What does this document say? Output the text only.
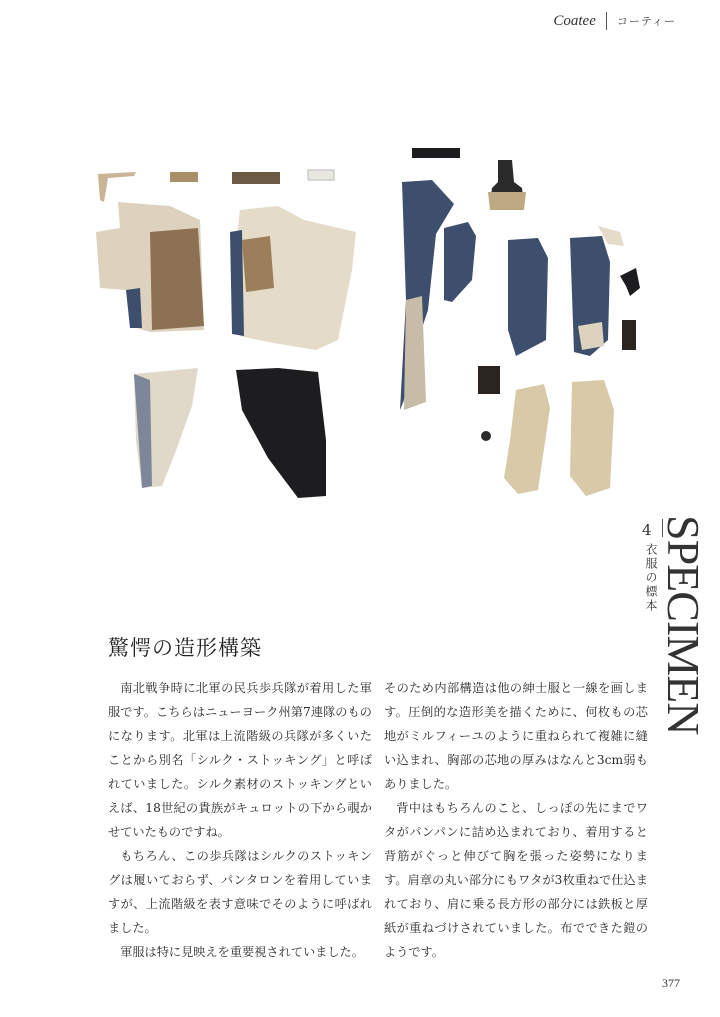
Coatee コーティー
4
衣服の標本 SPECIMEN
驚愕の造形構築

南北戦争時に北軍の民兵歩兵隊が着用した軍服です。こちらはニューヨーク州第7連隊のものになります。北軍は上流階級の兵隊が多くいたことから別名「シルク・ストッキング」と呼ばれていました。シルク素材のストッキングといえば、18世紀の貴族がキュロットの下から覗かせていたものですね。

もちろん、この歩兵隊はシルクのストッキングは履いておらず、パンタロンを着用していますが、上流階級を表す意味でそのように呼ばれました。

軍服は特に見映えを重要視されていました。

そのため内部構造は他の紳士服と一線を画します。圧倒的な造形美を描くために、何枚もの芯地がミルフィーユのように重ねられて複雑に縫い込まれ、胸部の芯地の厚みはなんと3cm弱もありました。

背中はもちろんのこと、しっぽの先にまでワタがパンパンに詰め込まれており、着用すると背筋がぐっと伸びて胸を張った姿勢になります。肩章の丸い部分にもワタが3枚重ねで仕込まれており、肩に乗る長方形の部分には鉄板と厚紙が重ねづけされていました。布でできた鎧のようです。

377
